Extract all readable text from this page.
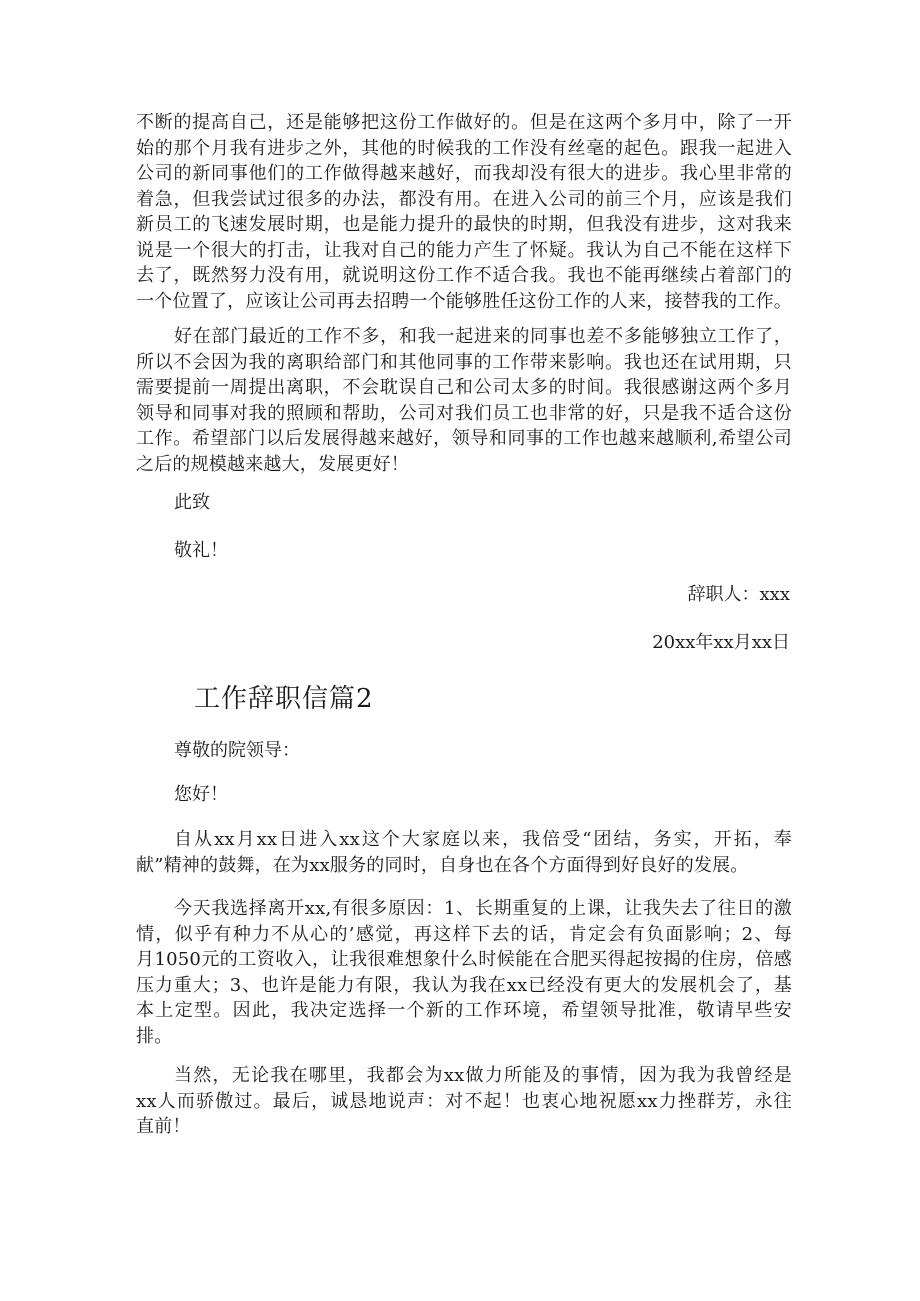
不断的提高自己，还是能够把这份工作做好的。但是在这两个多月中，除了一开
始的那个月我有进步之外，其他的时候我的工作没有丝毫的起色。跟我一起进入
公司的新同事他们的工作做得越来越好，而我却没有很大的进步。我心里非常的
着急，但我尝试过很多的办法，都没有用。在进入公司的前三个月，应该是我们
新员工的飞速发展时期，也是能力提升的最快的时期，但我没有进步，这对我来
说是一个很大的打击，让我对自己的能力产生了怀疑。我认为自己不能在这样下
去了，既然努力没有用，就说明这份工作不适合我。我也不能再继续占着部门的
一个位置了，应该让公司再去招聘一个能够胜任这份工作的人来，接替我的工作。
好在部门最近的工作不多，和我一起进来的同事也差不多能够独立工作了，
所以不会因为我的离职给部门和其他同事的工作带来影响。我也还在试用期，只
需要提前一周提出离职，不会耽误自己和公司太多的时间。我很感谢这两个多月
领导和同事对我的照顾和帮助，公司对我们员工也非常的好，只是我不适合这份
工作。希望部门以后发展得越来越好，领导和同事的工作也越来越顺利,希望公司
之后的规模越来越大，发展更好！
此致
敬礼！
辞职人：xxx
20xx年xx月xx日
工作辞职信篇2
尊敬的院领导：
您好！
自从xx月xx日进入xx这个大家庭以来，我倍受“团结，务实，开拓，奉
献”精神的鼓舞，在为xx服务的同时，自身也在各个方面得到好良好的发展。
今天我选择离开xx,有很多原因：1、长期重复的上课，让我失去了往日的激
情，似乎有种力不从心的’感觉，再这样下去的话，肯定会有负面影响；2、每
月1050元的工资收入，让我很难想象什么时候能在合肥买得起按揭的住房，倍感
压力重大；3、也许是能力有限，我认为我在xx已经没有更大的发展机会了，基
本上定型。因此，我决定选择一个新的工作环境，希望领导批准，敬请早些安
排。
当然，无论我在哪里，我都会为xx做力所能及的事情，因为我为我曾经是
xx人而骄傲过。最后，诚恳地说声：对不起！也衷心地祝愿xx力挫群芳，永往
直前！
